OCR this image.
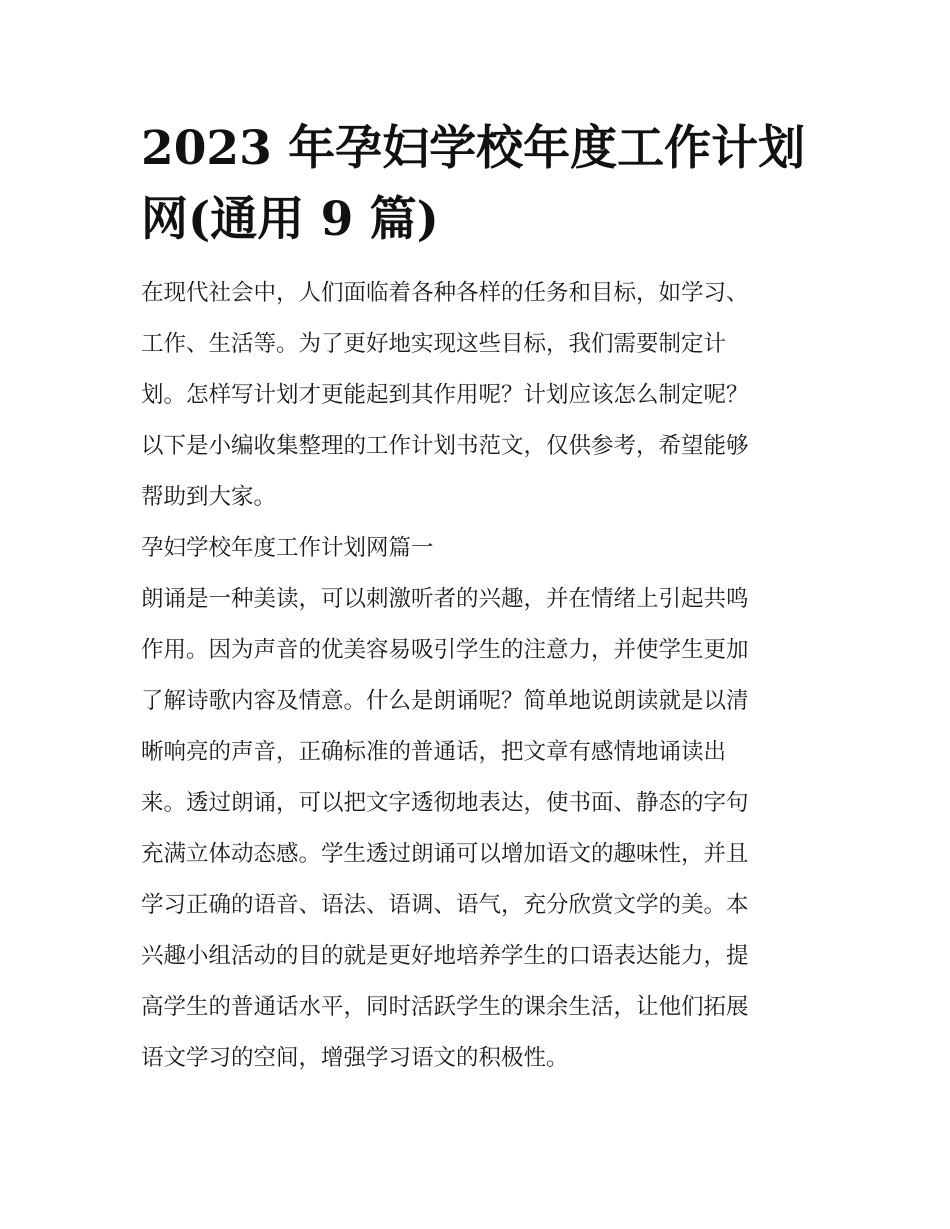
2023 年孕妇学校年度工作计划
网(通用 9 篇)
在现代社会中，人们面临着各种各样的任务和目标，如学习、
工作、生活等。为了更好地实现这些目标，我们需要制定计
划。怎样写计划才更能起到其作用呢？计划应该怎么制定呢？
以下是小编收集整理的工作计划书范文，仅供参考，希望能够
帮助到大家。
孕妇学校年度工作计划网篇一
朗诵是一种美读，可以刺激听者的兴趣，并在情绪上引起共鸣
作用。因为声音的优美容易吸引学生的注意力，并使学生更加
了解诗歌内容及情意。什么是朗诵呢？简单地说朗读就是以清
晰响亮的声音，正确标准的普通话，把文章有感情地诵读出
来。透过朗诵，可以把文字透彻地表达，使书面、静态的字句
充满立体动态感。学生透过朗诵可以增加语文的趣味性，并且
学习正确的语音、语法、语调、语气，充分欣赏文学的美。本
兴趣小组活动的目的就是更好地培养学生的口语表达能力，提
高学生的普通话水平，同时活跃学生的课余生活，让他们拓展
语文学习的空间，增强学习语文的积极性。
